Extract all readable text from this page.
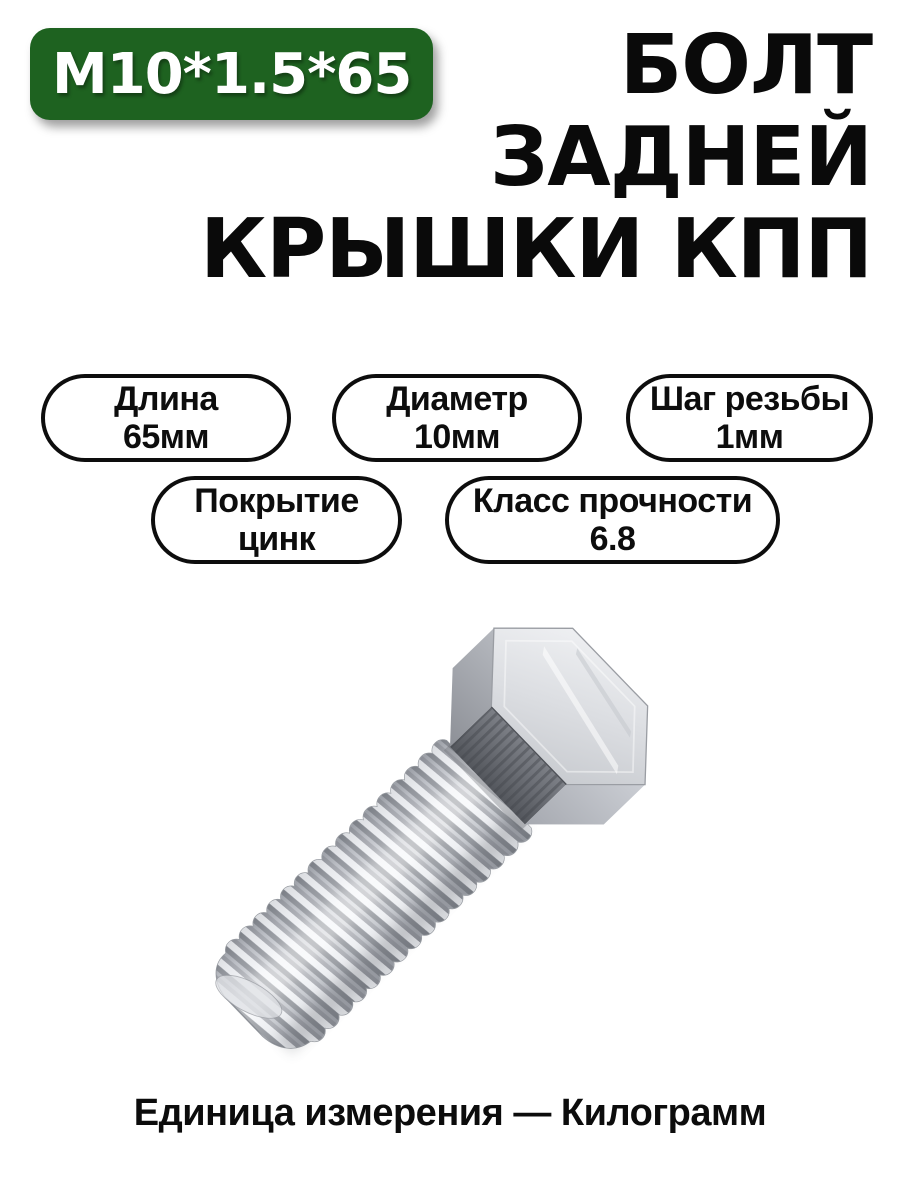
М10*1.5*65	БОЛТ
ЗАДНЕЙ
КРЫШКИ КПП
Длина
65мм
Диаметр
10мм
Шаг резьбы
1мм
Покрытие
цинк
Класс прочности
6.8
Единица измерения — Килограмм
